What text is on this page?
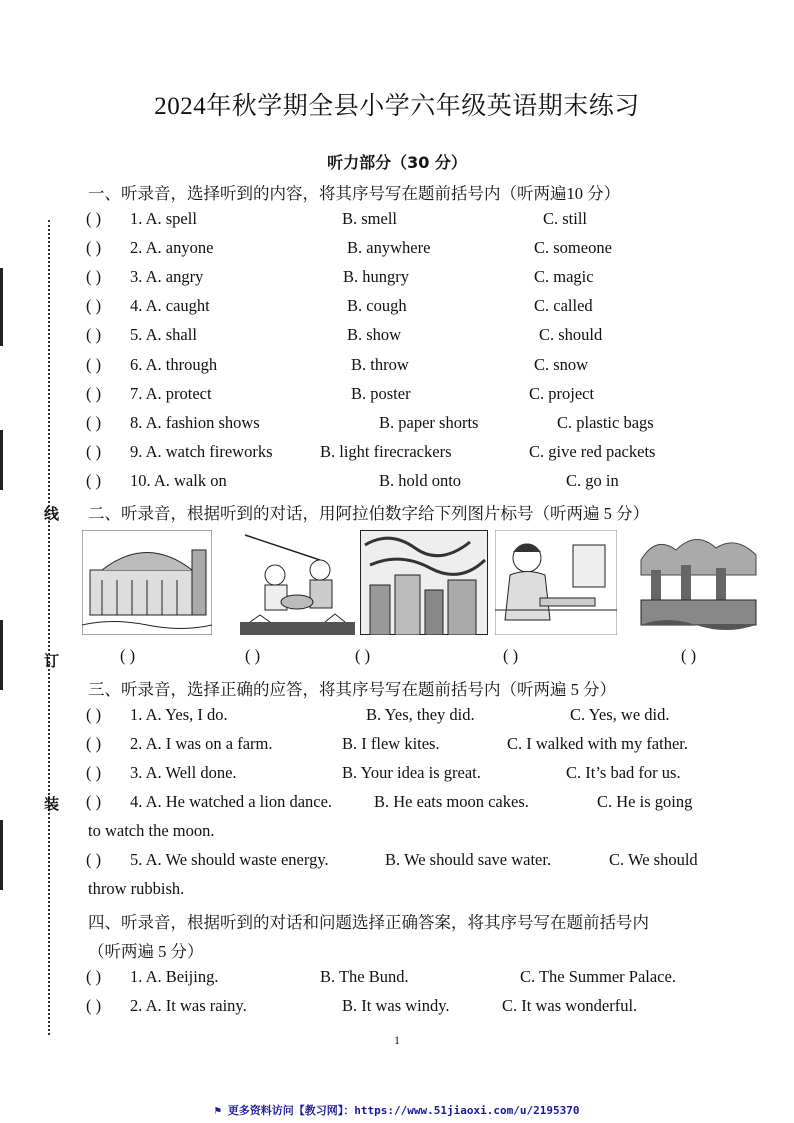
线
订
装
2024年秋学期全县小学六年级英语期末练习
听力部分（30 分）
一、听录音，选择听到的内容，将其序号写在题前括号内（听两遍10 分）
( ) 1. A. spell	B. smell	C. still
( ) 2. A. anyone	B. anywhere	C. someone
( ) 3. A. angry	B. hungry	C. magic
( ) 4. A. caught	B. cough	C. called
( ) 5. A. shall	B. show	C. should
( ) 6. A. through	B. throw	C. snow
( ) 7. A. protect	B. poster	C. project
( ) 8. A. fashion shows	B. paper shorts	C. plastic bags
( ) 9. A. watch fireworks	B. light firecrackers	C. give red packets
( ) 10. A. walk on	B. hold onto	C. go in
二、听录音，根据听到的对话，用阿拉伯数字给下列图片标号（听两遍 5 分）
( )	( )	( )	( )	( )
三、听录音，选择正确的应答，将其序号写在题前括号内（听两遍 5 分）
( ) 1. A. Yes, I do.	B. Yes, they did.	C. Yes, we did.
( ) 2. A. I was on a farm.	B. I flew kites.	C. I walked with my father.
( ) 3. A. Well done.	B. Your idea is great.	C. It’s bad for us.
( ) 4. A. He watched a lion dance.	B. He eats moon cakes.	C. He is going
to watch the moon.
( ) 5. A. We should waste energy.	B. We should save water.	C. We should
throw rubbish.
四、听录音，根据听到的对话和问题选择正确答案，将其序号写在题前括号内
（听两遍 5 分）
( ) 1. A. Beijing.	B. The Bund.	C. The Summer Palace.
( ) 2. A. It was rainy.	B. It was windy.	C. It was wonderful.
1
⚑ 更多资料访问【教习网】：https://www.51jiaoxi.com/u/2195370
